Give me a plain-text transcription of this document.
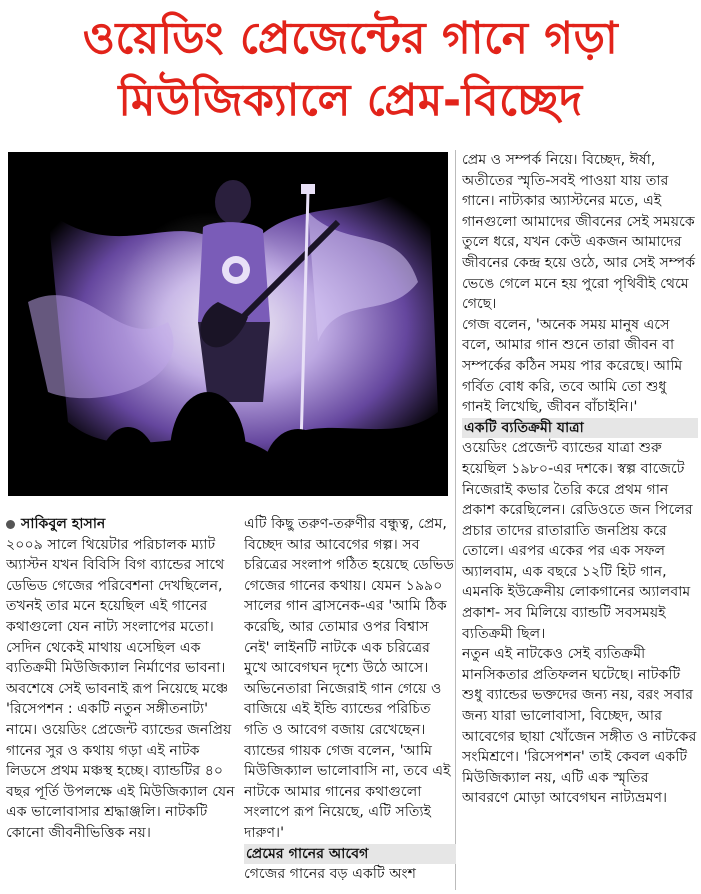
ওয়েডিং প্রেজেন্টের গানে গড়া
মিউজিক্যালে প্রেম-বিচ্ছেদ

সাকিবুল হাসান

২০০৯ সালে থিয়েটার পরিচালক ম্যাট অ্যাস্টন যখন বিবিসি বিগ ব্যান্ডের সাথে ডেভিড গেজের পরিবেশনা দেখছিলেন, তখনই তার মনে হয়েছিল এই গানের কথাগুলো যেন নাট্য সংলাপের মতো। সেদিন থেকেই মাথায় এসেছিল এক ব্যতিক্রমী মিউজিক্যাল নির্মাণের ভাবনা।

অবশেষে সেই ভাবনাই রূপ নিয়েছে মঞ্চে 'রিসেপশন : একটি নতুন সঙ্গীতনাট্য' নামে। ওয়েডিং প্রেজেন্ট ব্যান্ডের জনপ্রিয় গানের সুর ও কথায় গড়া এই নাটক লিডসে প্রথম মঞ্চস্থ হচ্ছে। ব্যান্ডটির ৪০ বছর পূর্তি উপলক্ষে এই মিউজিক্যাল যেন এক ভালোবাসার শ্রদ্ধাঞ্জলি। নাটকটি কোনো জীবনীভিত্তিক নয়।

এটি কিছু তরুণ-তরুণীর বন্ধুত্ব, প্রেম, বিচ্ছেদ আর আবেগের গল্প। সব চরিত্রের সংলাপ গঠিত হয়েছে ডেভিড গেজের গানের কথায়। যেমন ১৯৯০ সালের গান ব্রাসনেক-এর 'আমি ঠিক করেছি, আর তোমার ওপর বিশ্বাস নেই' লাইনটি নাটকে এক চরিত্রের মুখে আবেগঘন দৃশ্যে উঠে আসে।

অভিনেতারা নিজেরাই গান গেয়ে ও বাজিয়ে এই ইন্ডি ব্যান্ডের পরিচিত গতি ও আবেগ বজায় রেখেছেন। ব্যান্ডের গায়ক গেজ বলেন, 'আমি মিউজিক্যাল ভালোবাসি না, তবে এই নাটকে আমার গানের কথাগুলো সংলাপে রূপ নিয়েছে, এটি সত্যিই দারুণ।'

প্রেমের গানের আবেগ

গেজের গানের বড় একটি অংশ

প্রেম ও সম্পর্ক নিয়ে। বিচ্ছেদ, ঈর্ষা, অতীতের স্মৃতি-সবই পাওয়া যায় তার গানে। নাট্যকার অ্যাস্টনের মতে, এই গানগুলো আমাদের জীবনের সেই সময়কে তুলে ধরে, যখন কেউ একজন আমাদের জীবনের কেন্দ্র হয়ে ওঠে, আর সেই সম্পর্ক ভেঙে গেলে মনে হয় পুরো পৃথিবীই থেমে গেছে।

গেজ বলেন, 'অনেক সময় মানুষ এসে বলে, আমার গান শুনে তারা জীবন বা সম্পর্কের কঠিন সময় পার করেছে। আমি গর্বিত বোধ করি, তবে আমি তো শুধু গানই লিখেছি, জীবন বাঁচাইনি।'

একটি ব্যতিক্রমী যাত্রা

ওয়েডিং প্রেজেন্ট ব্যান্ডের যাত্রা শুরু হয়েছিল ১৯৮০-এর দশকে। স্বল্প বাজেটে নিজেরাই কভার তৈরি করে প্রথম গান প্রকাশ করেছিলেন। রেডিওতে জন পিলের প্রচার তাদের রাতারাতি জনপ্রিয় করে তোলে। এরপর একের পর এক সফল অ্যালবাম, এক বছরে ১২টি হিট গান, এমনকি ইউক্রেনীয় লোকগানের অ্যালবাম প্রকাশ- সব মিলিয়ে ব্যান্ডটি সবসময়ই ব্যতিক্রমী ছিল।

নতুন এই নাটকেও সেই ব্যতিক্রমী মানসিকতার প্রতিফলন ঘটেছে। নাটকটি শুধু ব্যান্ডের ভক্তদের জন্য নয়, বরং সবার জন্য যারা ভালোবাসা, বিচ্ছেদ, আর আবেগের ছায়া খোঁজেন সঙ্গীত ও নাটকের সংমিশ্রণে। 'রিসেপশন' তাই কেবল একটি মিউজিক্যাল নয়, এটি এক স্মৃতির আবরণে মোড়া আবেগঘন নাট্যভ্রমণ।
